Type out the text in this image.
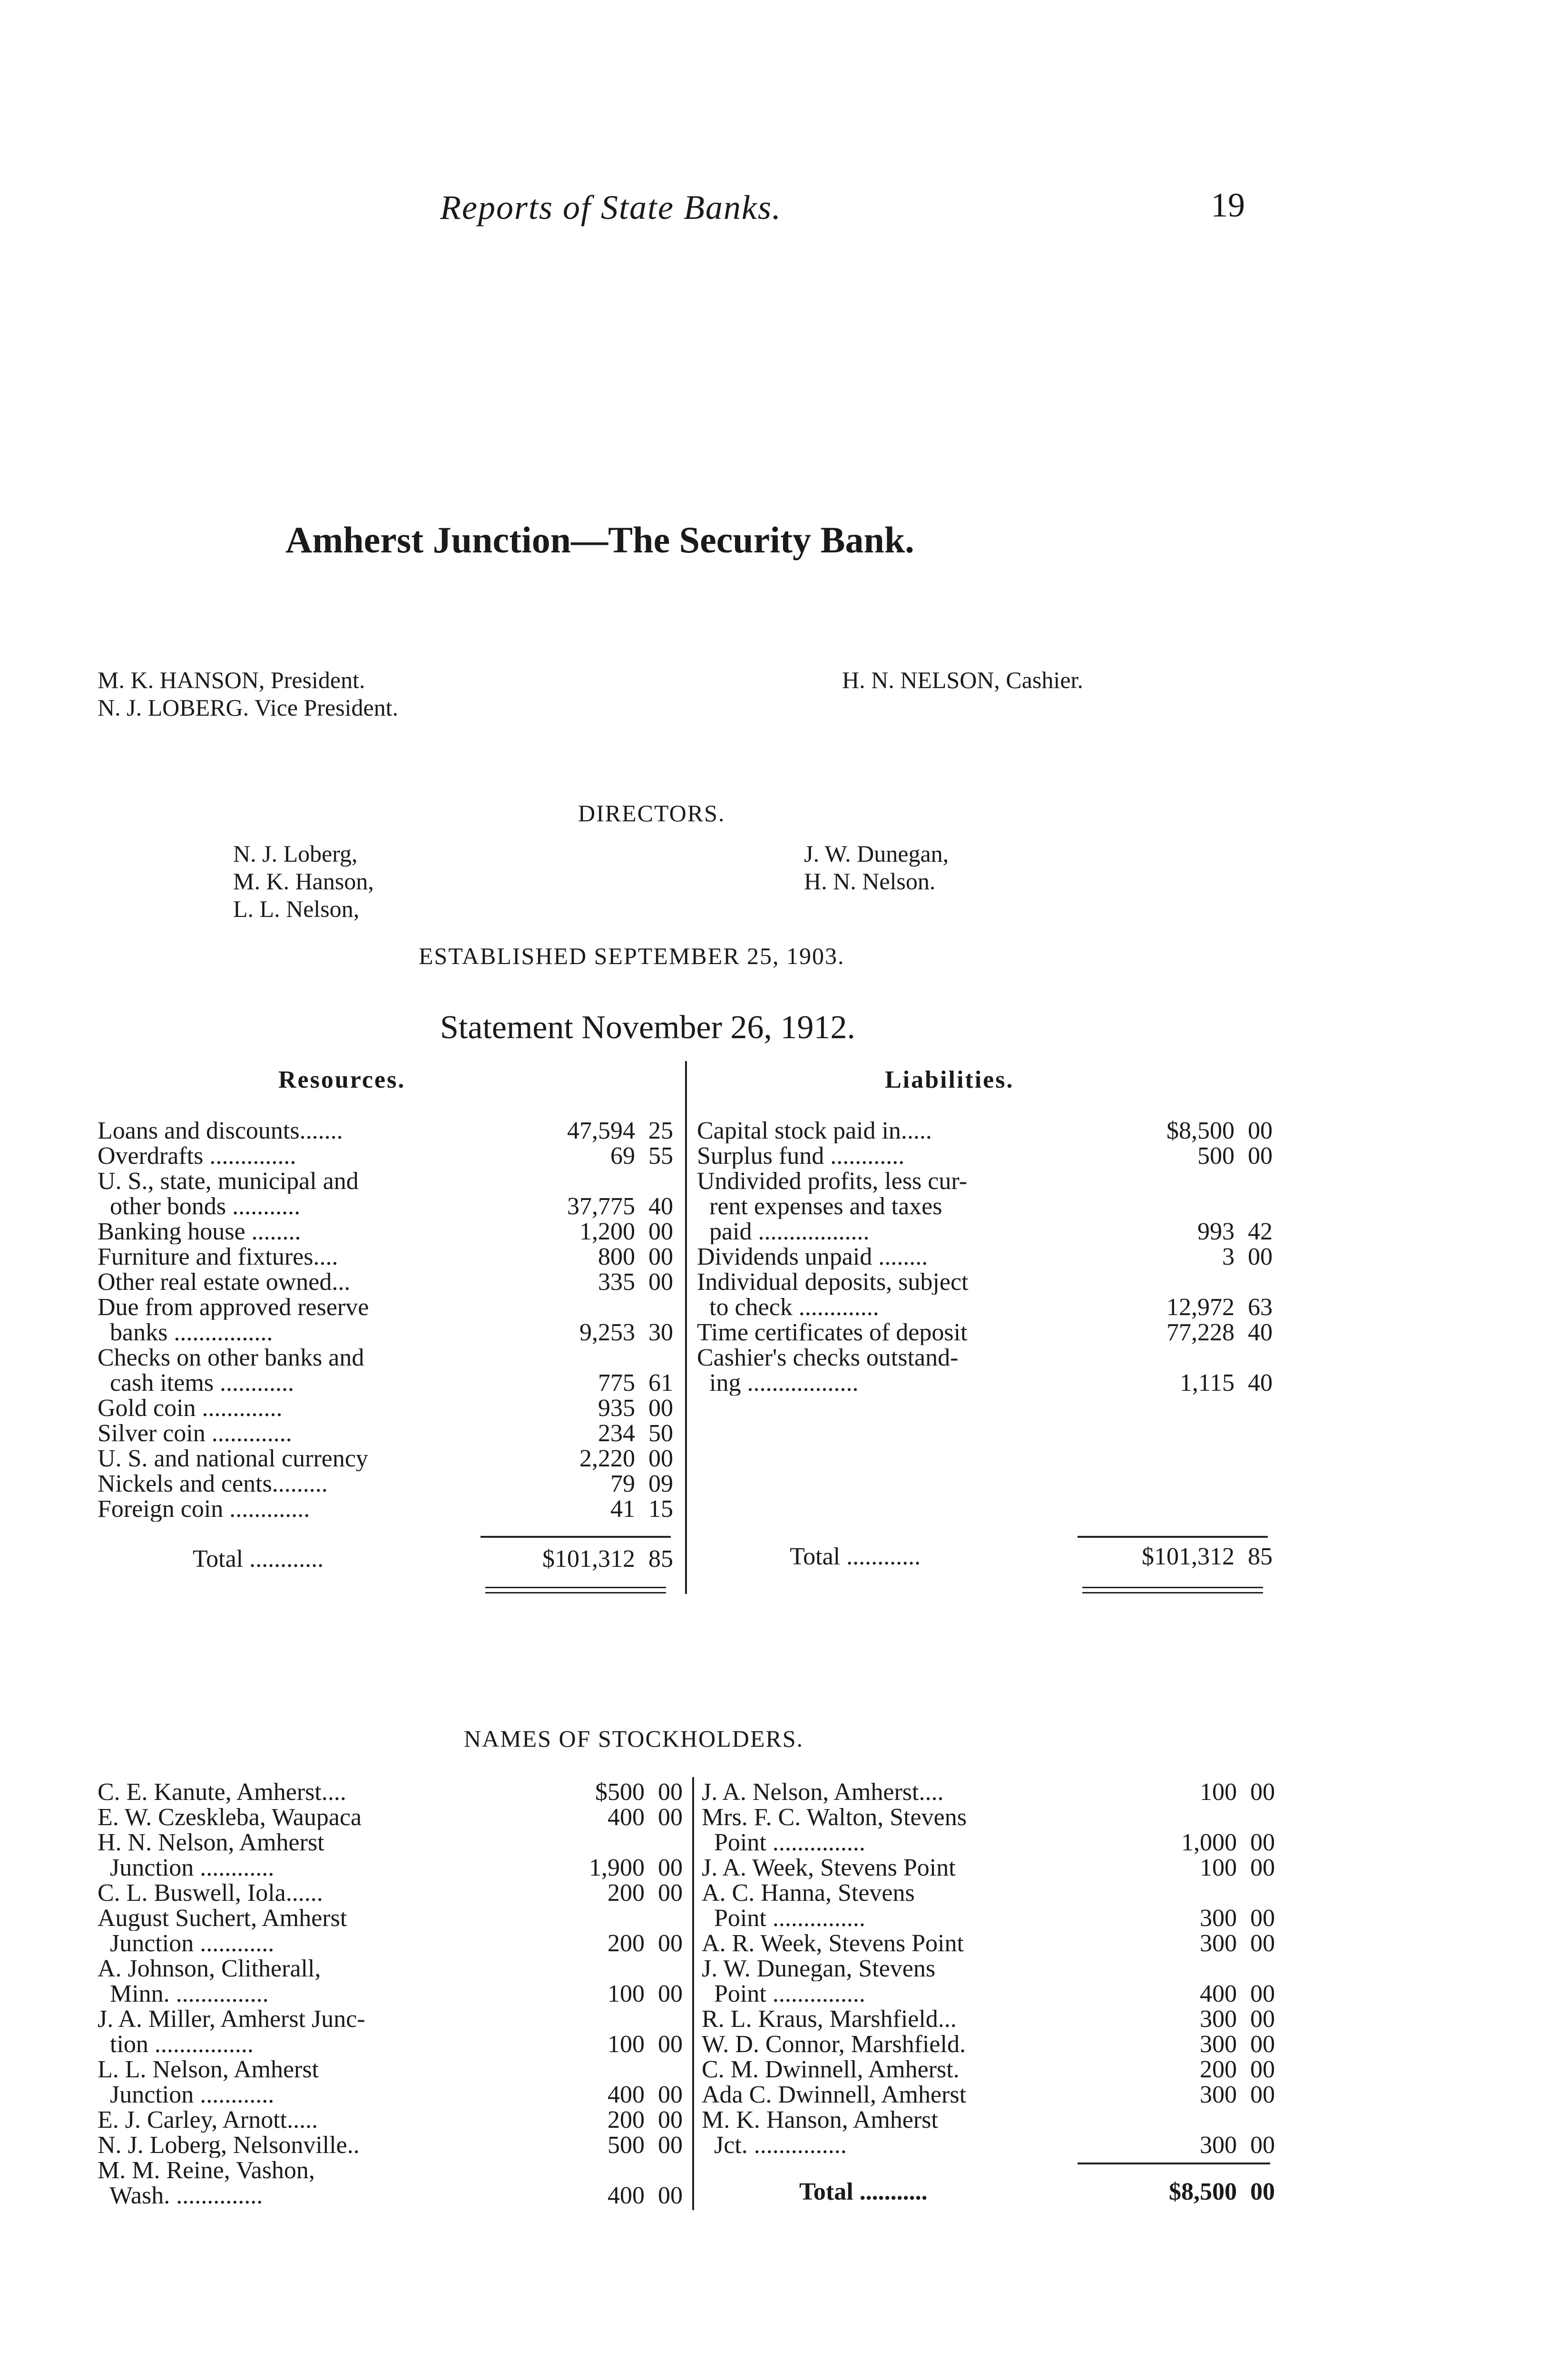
Reports of State Banks.	19
Amherst Junction—The Security Bank.
M. K. HANSON, President.
N. J. LOBERG. Vice President.
H. N. NELSON, Cashier.
DIRECTORS.
N. J. Loberg,
M. K. Hanson,
L. L. Nelson,
J. W. Dunegan,
H. N. Nelson.
ESTABLISHED SEPTEMBER 25, 1903.
Statement November 26, 1912.
Resources.	Liabilities.
Loans and discounts.......	47,594 25
Overdrafts ..............	69 55
U. S., state, municipal and
other bonds ...........	37,775 40
Banking house ........	1,200 00
Furniture and fixtures....	800 00
Other real estate owned...	335 00
Due from approved reserve
banks ................	9,253 30
Checks on other banks and
cash items ............	775 61
Gold coin .............	935 00
Silver coin .............	234 50
U. S. and national currency	2,220 00
Nickels and cents.........	79 09
Foreign coin .............	41 15
Capital stock paid in.....	$8,500 00
Surplus fund ............	500 00
Undivided profits, less cur-
rent expenses and taxes
paid ..................	993 42
Dividends unpaid ........	3 00
Individual deposits, subject
to check .............	12,972 63
Time certificates of deposit	77,228 40
Cashier's checks outstand-
ing ..................	1,115 40
Total ............	$101,312 85	Total ............	$101,312 85
NAMES OF STOCKHOLDERS.
C. E. Kanute, Amherst....	$500 00
E. W. Czeskleba, Waupaca	400 00
H. N. Nelson, Amherst
Junction ............	1,900 00
C. L. Buswell, Iola......	200 00
August Suchert, Amherst
Junction ............	200 00
A. Johnson, Clitherall,
Minn. ...............	100 00
J. A. Miller, Amherst Junc-
tion ................	100 00
L. L. Nelson, Amherst
Junction ............	400 00
E. J. Carley, Arnott.....	200 00
N. J. Loberg, Nelsonville..	500 00
M. M. Reine, Vashon,
Wash. ..............	400 00
J. A. Nelson, Amherst....	100 00
Mrs. F. C. Walton, Stevens
Point ...............	1,000 00
J. A. Week, Stevens Point	100 00
A. C. Hanna, Stevens
Point ...............	300 00
A. R. Week, Stevens Point	300 00
J. W. Dunegan, Stevens
Point ...............	400 00
R. L. Kraus, Marshfield...	300 00
W. D. Connor, Marshfield.	300 00
C. M. Dwinnell, Amherst.	200 00
Ada C. Dwinnell, Amherst	300 00
M. K. Hanson, Amherst
Jct. ...............	300 00
Total ...........	$8,500 00
